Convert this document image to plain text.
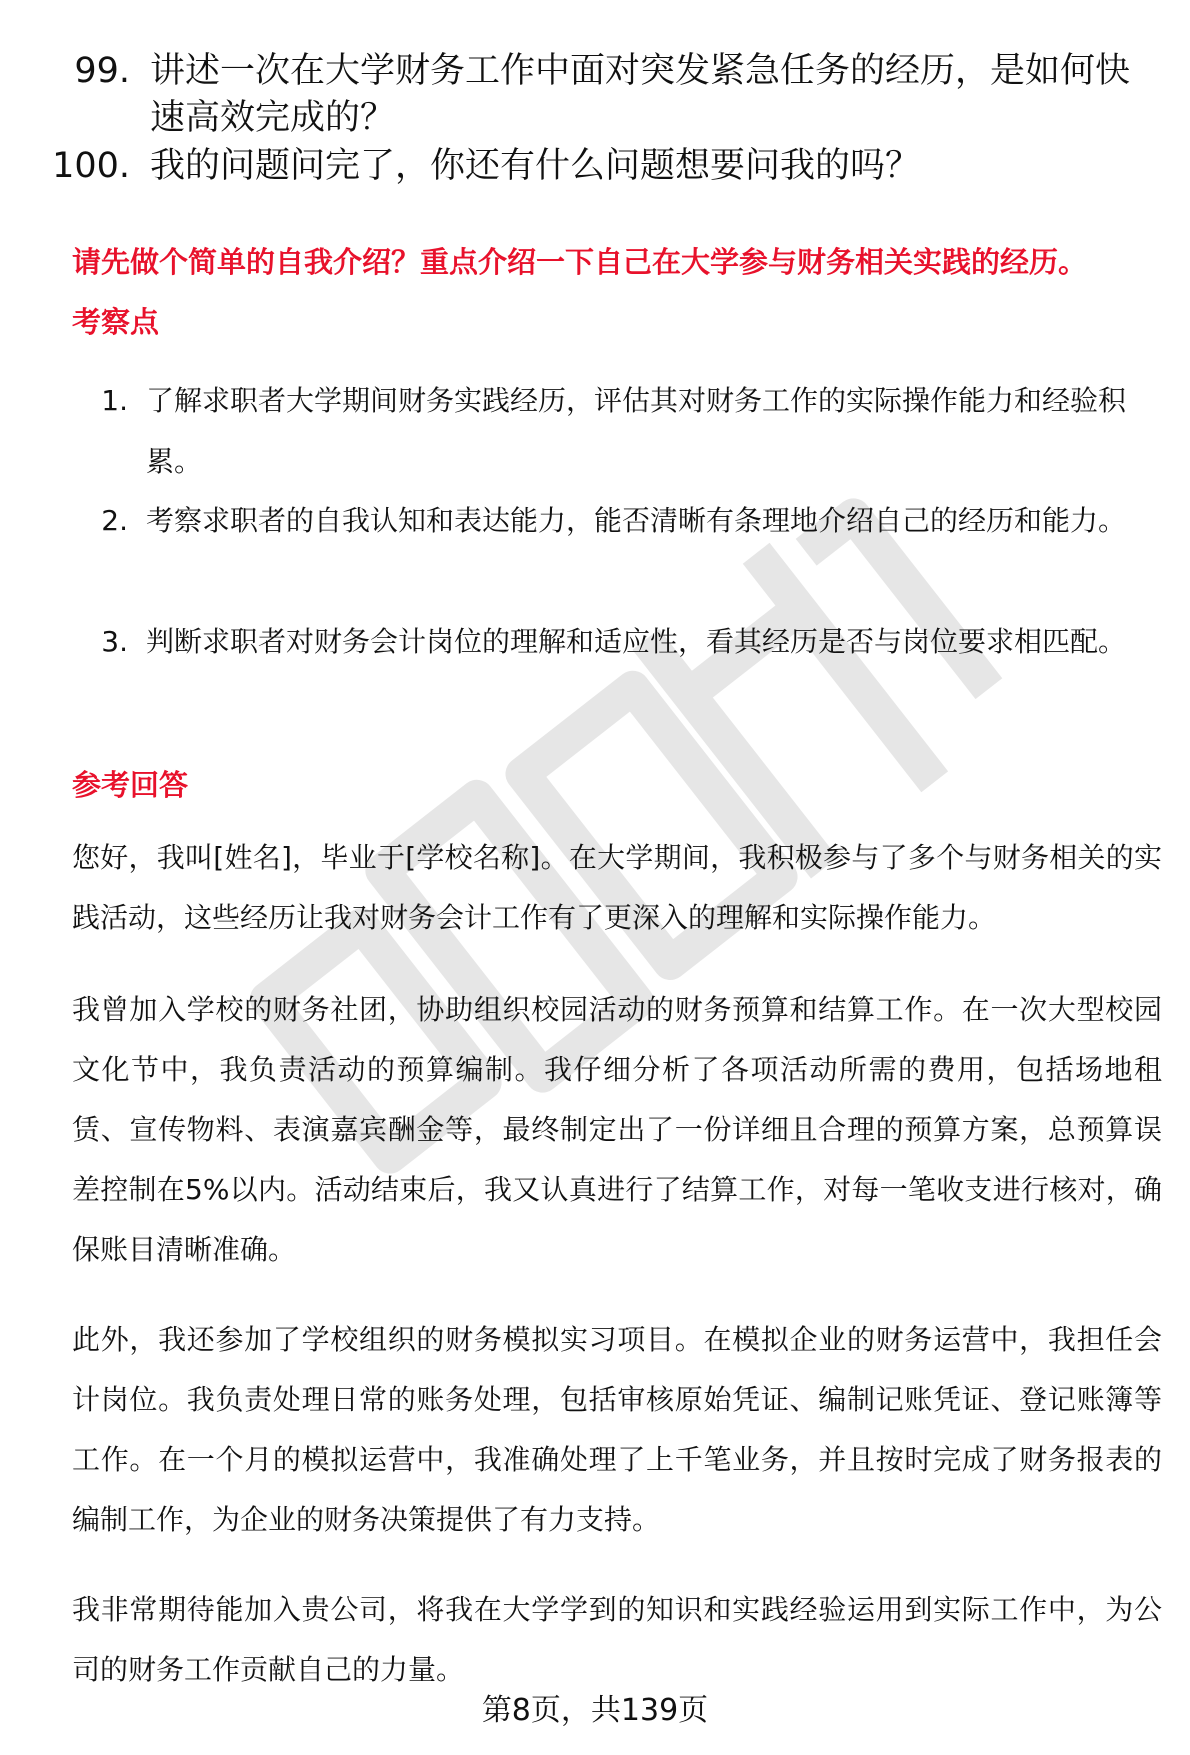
99. 讲述一次在大学财务工作中面对突发紧急任务的经历，是如何快速高效完成的？
100. 我的问题问完了，你还有什么问题想要问我的吗？
请先做个简单的自我介绍？重点介绍一下自己在大学参与财务相关实践的经历。
考察点
1. 了解求职者大学期间财务实践经历，评估其对财务工作的实际操作能力和经验积累。
2. 考察求职者的自我认知和表达能力，能否清晰有条理地介绍自己的经历和能力。
3. 判断求职者对财务会计岗位的理解和适应性，看其经历是否与岗位要求相匹配。
参考回答
您好，我叫[姓名]，毕业于[学校名称]。在大学期间，我积极参与了多个与财务相关的实践活动，这些经历让我对财务会计工作有了更深入的理解和实际操作能力。
我曾加入学校的财务社团，协助组织校园活动的财务预算和结算工作。在一次大型校园文化节中，我负责活动的预算编制。我仔细分析了各项活动所需的费用，包括场地租赁、宣传物料、表演嘉宾酬金等，最终制定出了一份详细且合理的预算方案，总预算误差控制在5%以内。活动结束后，我又认真进行了结算工作，对每一笔收支进行核对，确保账目清晰准确。
此外，我还参加了学校组织的财务模拟实习项目。在模拟企业的财务运营中，我担任会计岗位。我负责处理日常的账务处理，包括审核原始凭证、编制记账凭证、登记账簿等工作。在一个月的模拟运营中，我准确处理了上千笔业务，并且按时完成了财务报表的编制工作，为企业的财务决策提供了有力支持。
我非常期待能加入贵公司，将我在大学学到的知识和实践经验运用到实际工作中，为公司的财务工作贡献自己的力量。
第8页，共139页
